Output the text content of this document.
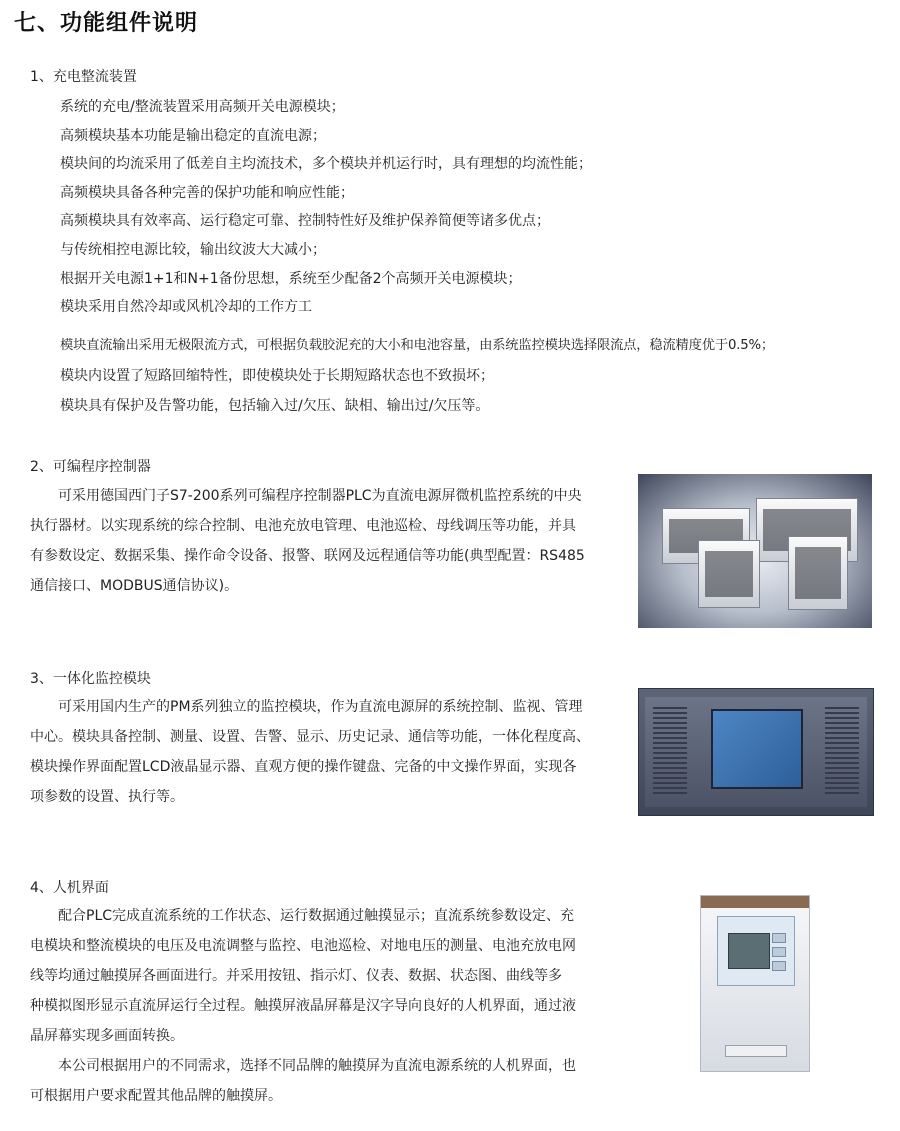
七、功能组件说明
1、充电整流装置
系统的充电/整流装置采用高频开关电源模块；
高频模块基本功能是输出稳定的直流电源；
模块间的均流采用了低差自主均流技术，多个模块并机运行时，具有理想的均流性能；
高频模块具备各种完善的保护功能和响应性能；
高频模块具有效率高、运行稳定可靠、控制特性好及维护保养简便等诸多优点；
与传统相控电源比较，输出纹波大大减小；
根据开关电源1+1和N+1备份思想，系统至少配备2个高频开关电源模块；
模块采用自然冷却或风机冷却的工作方工
模块直流输出采用无极限流方式，可根据负载胶泥充的大小和电池容量，由系统监控模块选择限流点，稳流精度优于0.5%；
模块内设置了短路回缩特性，即使模块处于长期短路状态也不致损坏；
模块具有保护及告警功能，包括输入过/欠压、缺相、输出过/欠压等。
2、可编程序控制器
可采用德国西门子S7-200系列可编程序控制器PLC为直流电源屏微机监控系统的中央
执行器材。以实现系统的综合控制、电池充放电管理、电池巡检、母线调压等功能，并具
有参数设定、数据采集、操作命令设备、报警、联网及远程通信等功能(典型配置：RS485
通信接口、MODBUS通信协议)。
3、一体化监控模块
可采用国内生产的PM系列独立的监控模块，作为直流电源屏的系统控制、监视、管理
中心。模块具备控制、测量、设置、告警、显示、历史记录、通信等功能，一体化程度高、
模块操作界面配置LCD液晶显示器、直观方便的操作键盘、完备的中文操作界面，实现各
项参数的设置、执行等。
4、人机界面
配合PLC完成直流系统的工作状态、运行数据通过触摸显示；直流系统参数设定、充
电模块和整流模块的电压及电流调整与监控、电池巡检、对地电压的测量、电池充放电网
线等均通过触摸屏各画面进行。并采用按钮、指示灯、仪表、数据、状态图、曲线等多
种模拟图形显示直流屏运行全过程。触摸屏液晶屏幕是汉字导向良好的人机界面，通过液
晶屏幕实现多画面转换。
本公司根据用户的不同需求，选择不同品牌的触摸屏为直流电源系统的人机界面，也
可根据用户要求配置其他品牌的触摸屏。
